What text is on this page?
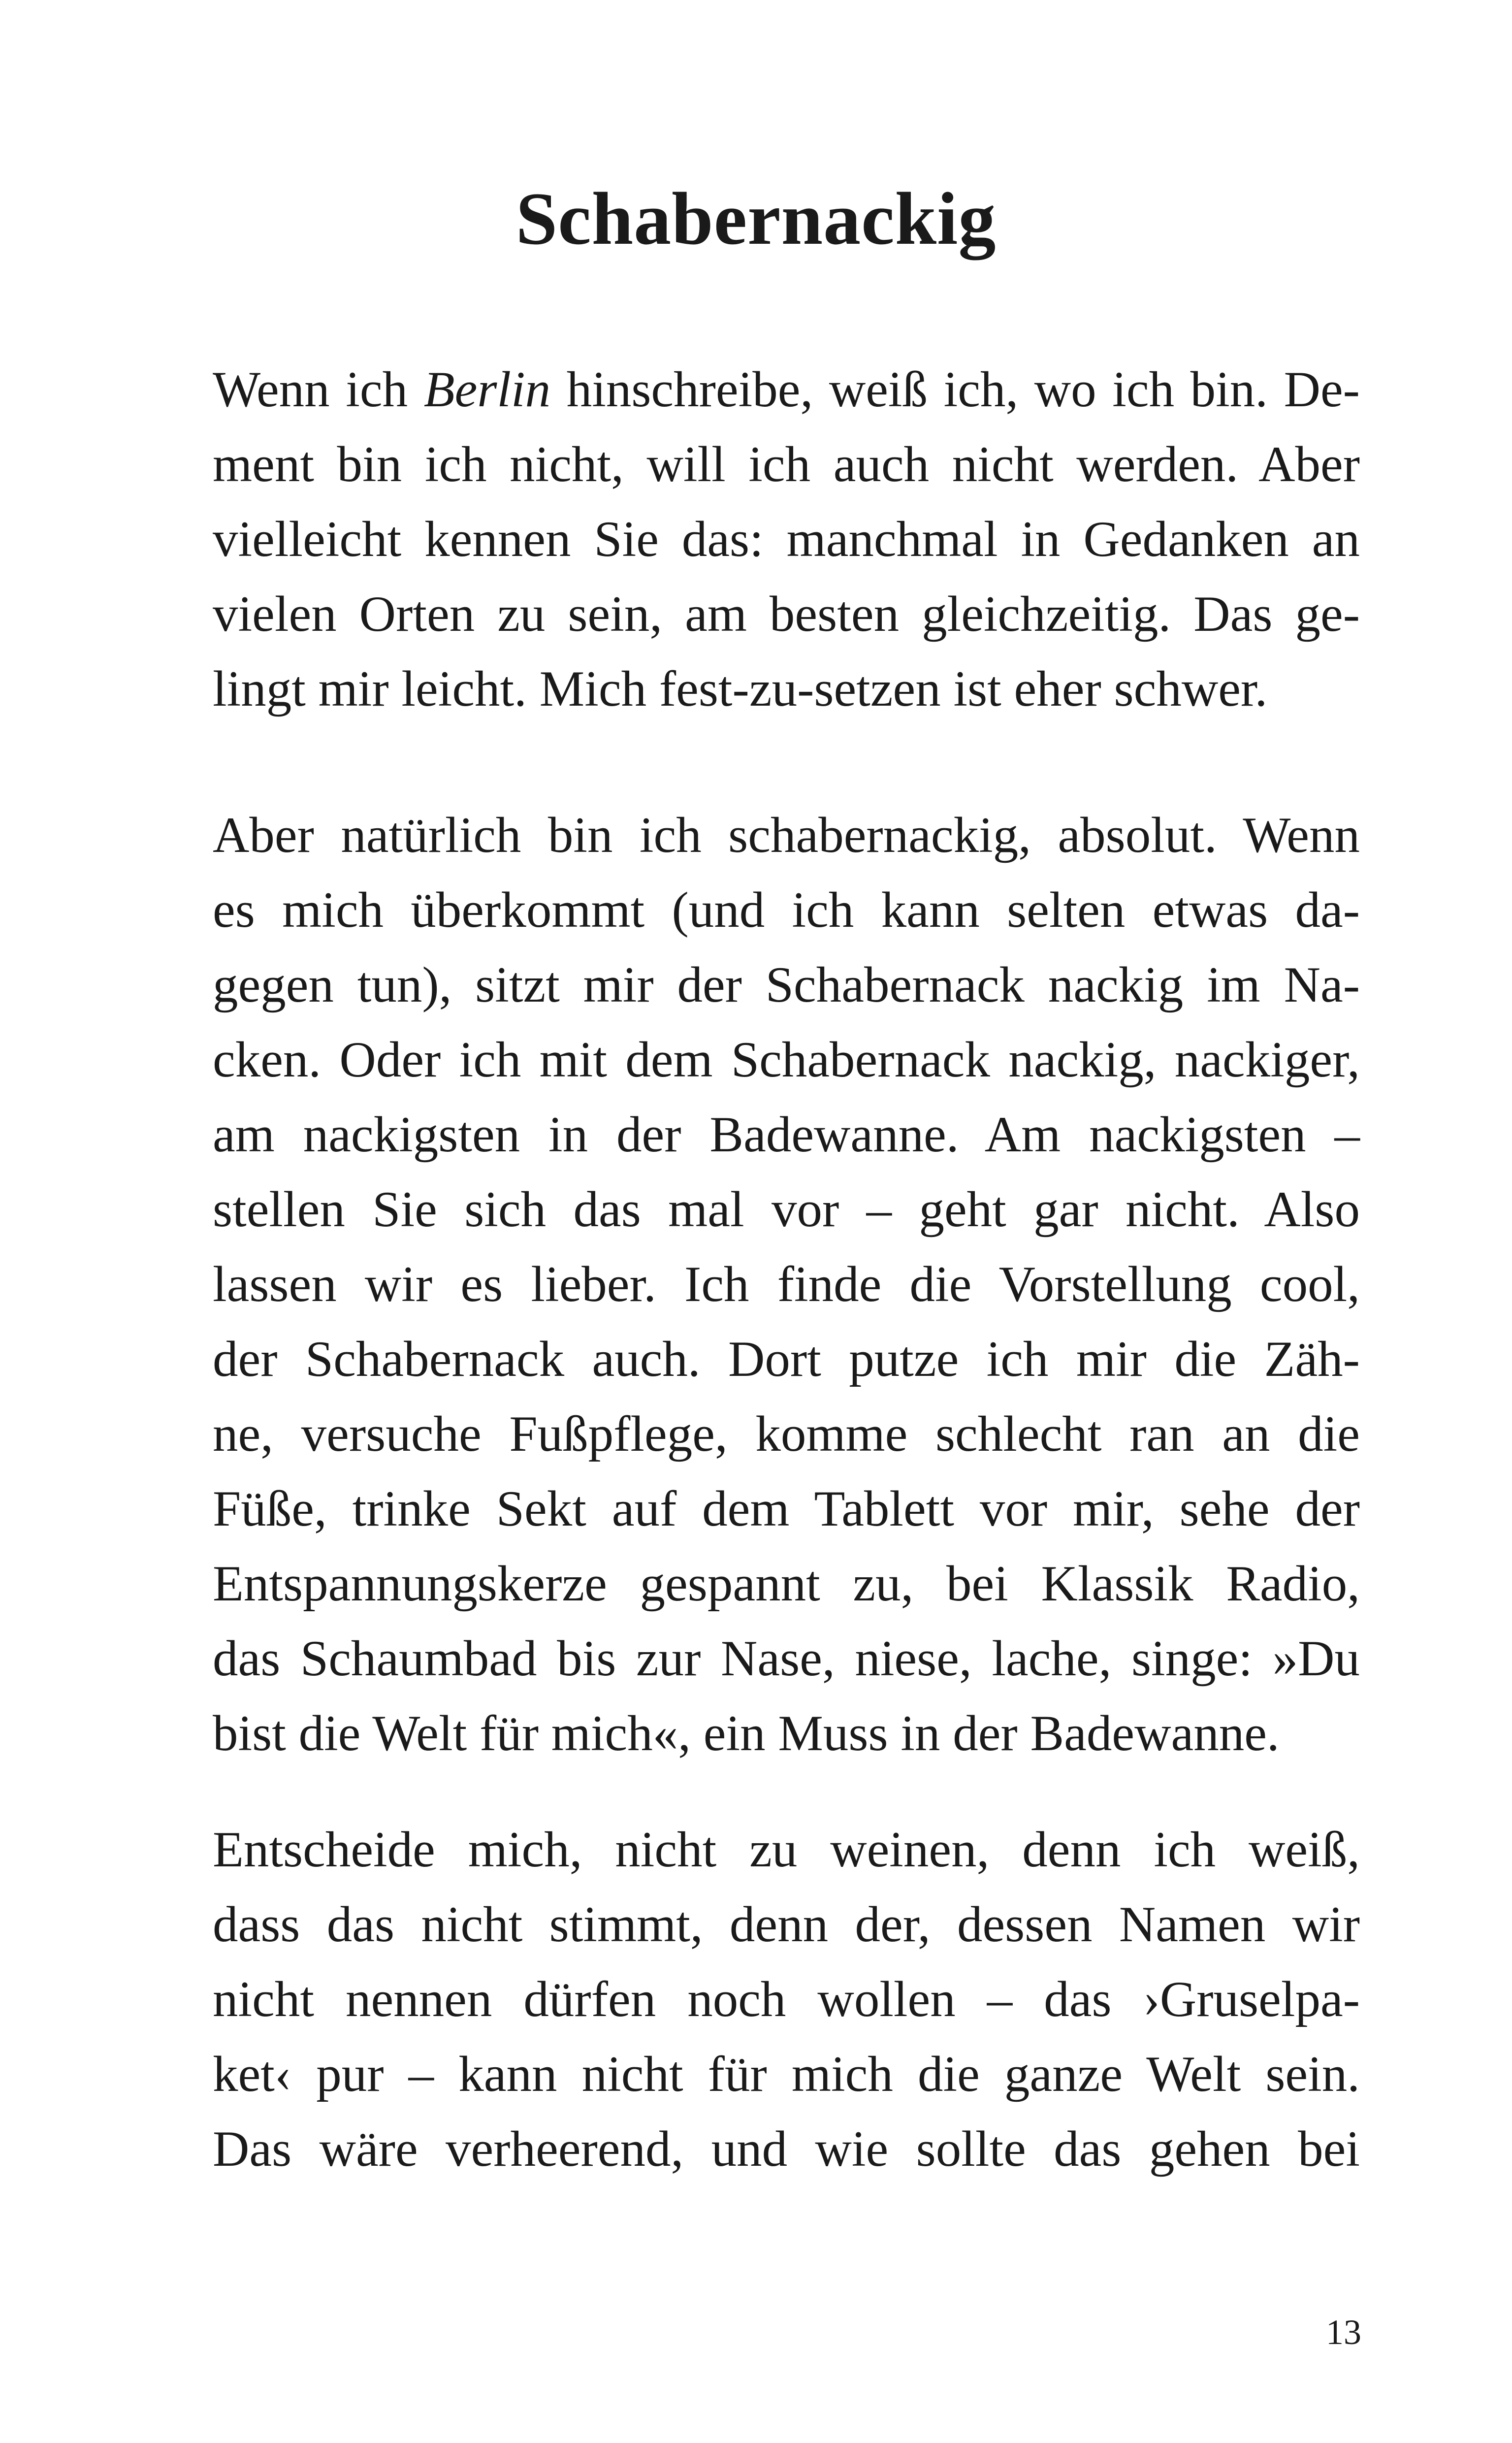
Schabernackig

Wenn ich Berlin hinschreibe, weiß ich, wo ich bin. De-
ment bin ich nicht, will ich auch nicht werden. Aber
vielleicht kennen Sie das: manchmal in Gedanken an
vielen Orten zu sein, am besten gleichzeitig. Das ge-
lingt mir leicht. Mich fest-zu-setzen ist eher schwer.

Aber natürlich bin ich schabernackig, absolut. Wenn
es mich überkommt (und ich kann selten etwas da-
gegen tun), sitzt mir der Schabernack nackig im Na-
cken. Oder ich mit dem Schabernack nackig, nackiger,
am nackigsten in der Badewanne. Am nackigsten –
stellen Sie sich das mal vor – geht gar nicht. Also
lassen wir es lieber. Ich finde die Vorstellung cool,
der Schabernack auch. Dort putze ich mir die Zäh-
ne, versuche Fußpflege, komme schlecht ran an die
Füße, trinke Sekt auf dem Tablett vor mir, sehe der
Entspannungskerze gespannt zu, bei Klassik Radio,
das Schaumbad bis zur Nase, niese, lache, singe: »Du
bist die Welt für mich«, ein Muss in der Badewanne.

Entscheide mich, nicht zu weinen, denn ich weiß,
dass das nicht stimmt, denn der, dessen Namen wir
nicht nennen dürfen noch wollen – das ›Gruselpa-
ket‹ pur – kann nicht für mich die ganze Welt sein.
Das wäre verheerend, und wie sollte das gehen bei

13
